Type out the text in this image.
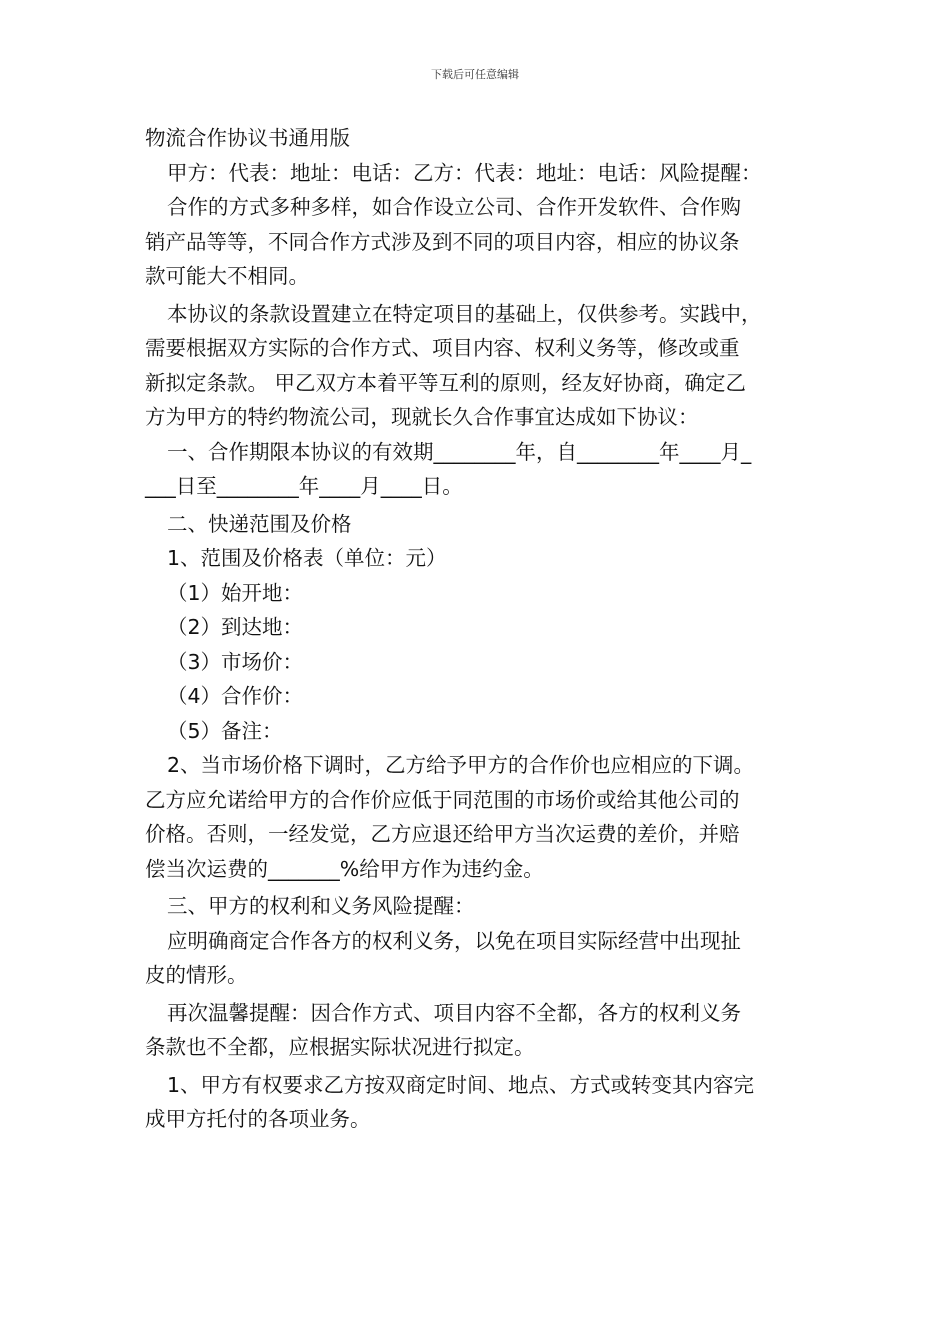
下载后可任意编辑
物流合作协议书通用版
甲方：代表：地址：电话：乙方：代表：地址：电话：风险提醒：
合作的方式多种多样，如合作设立公司、合作开发软件、合作购
销产品等等，不同合作方式涉及到不同的项目内容，相应的协议条
款可能大不相同。
本协议的条款设置建立在特定项目的基础上，仅供参考。实践中，
需要根据双方实际的合作方式、项目内容、权利义务等，修改或重
新拟定条款。 甲乙双方本着平等互利的原则，经友好协商，确定乙
方为甲方的特约物流公司，现就长久合作事宜达成如下协议：
一、合作期限本协议的有效期________年，自________年____月_
___日至________年____月____日。
二、快递范围及价格
1、范围及价格表（单位：元）
（1）始开地：
（2）到达地：
（3）市场价：
（4）合作价：
（5）备注：
2、当市场价格下调时，乙方给予甲方的合作价也应相应的下调。
乙方应允诺给甲方的合作价应低于同范围的市场价或给其他公司的
价格。否则，一经发觉，乙方应退还给甲方当次运费的差价，并赔
偿当次运费的_______%给甲方作为违约金。
三、甲方的权利和义务风险提醒：
应明确商定合作各方的权利义务，以免在项目实际经营中出现扯
皮的情形。
再次温馨提醒：因合作方式、项目内容不全都，各方的权利义务
条款也不全都，应根据实际状况进行拟定。
1、甲方有权要求乙方按双商定时间、地点、方式或转变其内容完
成甲方托付的各项业务。
